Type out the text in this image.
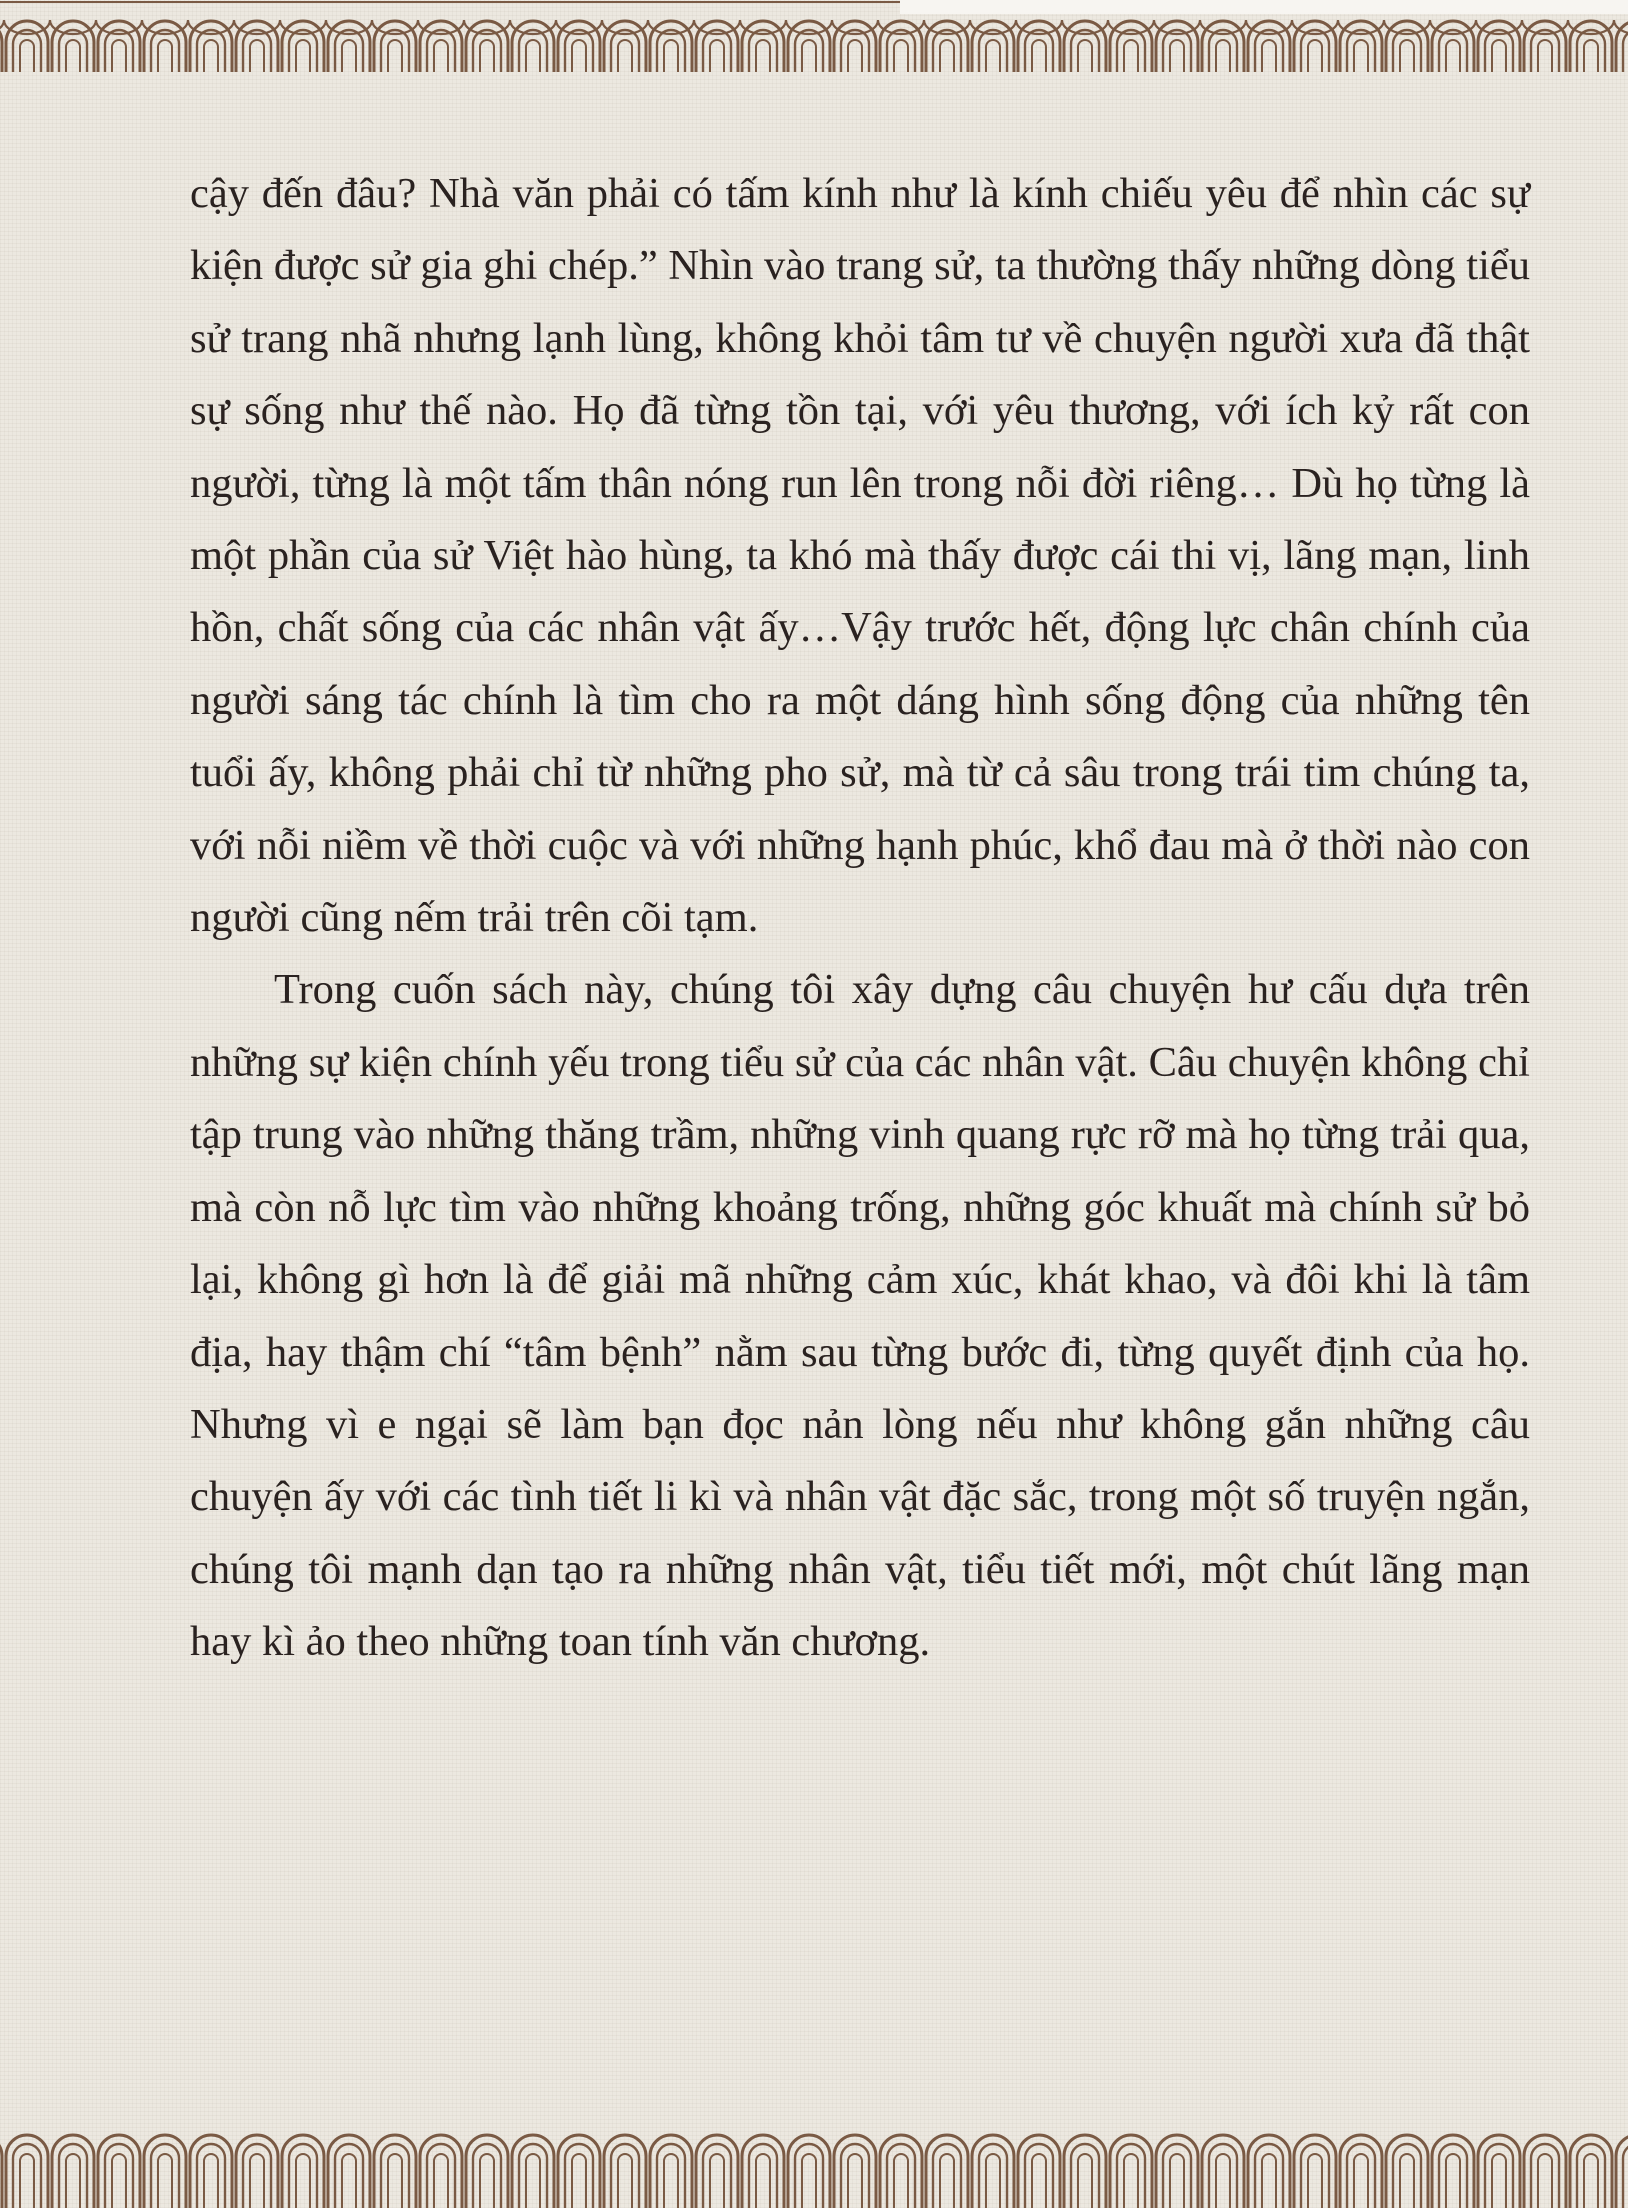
cậy đến đâu? Nhà văn phải có tấm kính như là kính chiếu yêu để nhìn các sự kiện được sử gia ghi chép.” Nhìn vào trang sử, ta thường thấy những dòng tiểu sử trang nhã nhưng lạnh lùng, không khỏi tâm tư về chuyện người xưa đã thật sự sống như thế nào. Họ đã từng tồn tại, với yêu thương, với ích kỷ rất con người, từng là một tấm thân nóng run lên trong nỗi đời riêng… Dù họ từng là một phần của sử Việt hào hùng, ta khó mà thấy được cái thi vị, lãng mạn, linh hồn, chất sống của các nhân vật ấy…Vậy trước hết, động lực chân chính của người sáng tác chính là tìm cho ra một dáng hình sống động của những tên tuổi ấy, không phải chỉ từ những pho sử, mà từ cả sâu trong trái tim chúng ta, với nỗi niềm về thời cuộc và với những hạnh phúc, khổ đau mà ở thời nào con người cũng nếm trải trên cõi tạm.

Trong cuốn sách này, chúng tôi xây dựng câu chuyện hư cấu dựa trên những sự kiện chính yếu trong tiểu sử của các nhân vật. Câu chuyện không chỉ tập trung vào những thăng trầm, những vinh quang rực rỡ mà họ từng trải qua, mà còn nỗ lực tìm vào những khoảng trống, những góc khuất mà chính sử bỏ lại, không gì hơn là để giải mã những cảm xúc, khát khao, và đôi khi là tâm địa, hay thậm chí “tâm bệnh” nằm sau từng bước đi, từng quyết định của họ. Nhưng vì e ngại sẽ làm bạn đọc nản lòng nếu như không gắn những câu chuyện ấy với các tình tiết li kì và nhân vật đặc sắc, trong một số truyện ngắn, chúng tôi mạnh dạn tạo ra những nhân vật, tiểu tiết mới, một chút lãng mạn hay kì ảo theo những toan tính văn chương.
